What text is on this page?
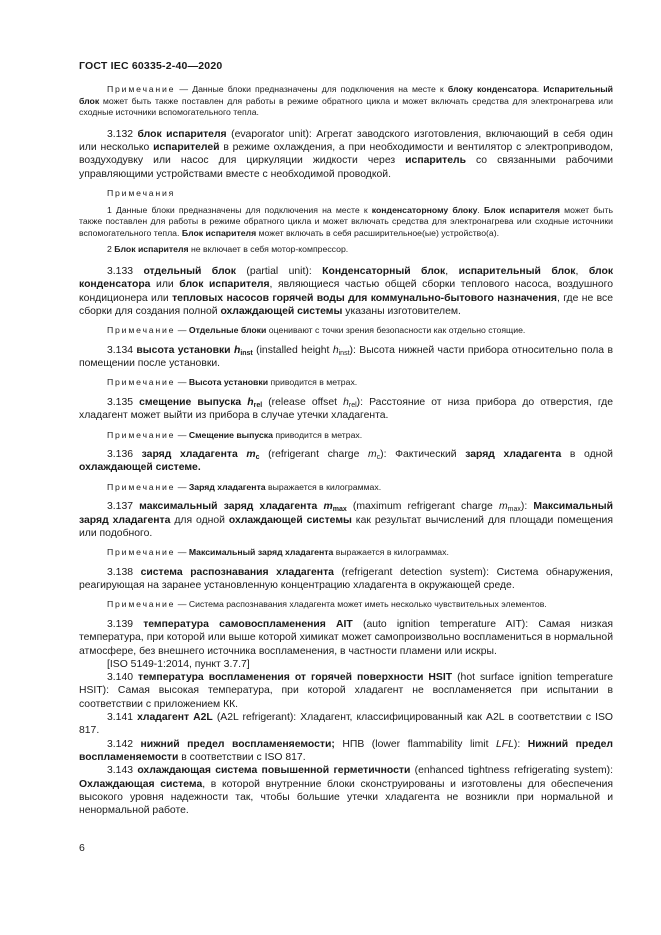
ГОСТ IEC 60335-2-40—2020

Примечание — Данные блоки предназначены для подключения на месте к блоку конденсатора. Испарительный блок может быть также поставлен для работы в режиме обратного цикла и может включать средства для электронагрева или сходные источники вспомогательного тепла.

3.132 блок испарителя (evaporator unit): Агрегат заводского изготовления, включающий в себя один или несколько испарителей в режиме охлаждения, а при необходимости и вентилятор с электроприводом, воздуходувку или насос для циркуляции жидкости через испаритель со связанными рабочими управляющими устройствами вместе с необходимой проводкой.

Примечания

1 Данные блоки предназначены для подключения на месте к конденсаторному блоку. Блок испарителя может быть также поставлен для работы в режиме обратного цикла и может включать средства для электронагрева или сходные источники вспомогательного тепла. Блок испарителя может включать в себя расширительное(ые) устройство(а).

2 Блок испарителя не включает в себя мотор-компрессор.

3.133 отдельный блок (partial unit): Конденсаторный блок, испарительный блок, блок конденсатора или блок испарителя, являющиеся частью общей сборки теплового насоса, воздушного кондиционера или тепловых насосов горячей воды для коммунально-бытового назначения, где не все сборки для создания полной охлаждающей системы указаны изготовителем.

Примечание — Отдельные блоки оценивают с точки зрения безопасности как отдельно стоящие.

3.134 высота установки $h_{inst}$ (installed height $h_{inst}$): Высота нижней части прибора относительно пола в помещении после установки.

Примечание — Высота установки приводится в метрах.

3.135 смещение выпуска $h_{rel}$ (release offset $h_{rel}$): Расстояние от низа прибора до отверстия, где хладагент может выйти из прибора в случае утечки хладагента.

Примечание — Смещение выпуска приводится в метрах.

3.136 заряд хладагента $m_c$ (refrigerant charge $m_c$): Фактический заряд хладагента в одной охлаждающей системе.

Примечание — Заряд хладагента выражается в килограммах.

3.137 максимальный заряд хладагента $m_{max}$ (maximum refrigerant charge $m_{max}$): Максимальный заряд хладагента для одной охлаждающей системы как результат вычислений для площади помещения или подобного.

Примечание — Максимальный заряд хладагента выражается в килограммах.

3.138 система распознавания хладагента (refrigerant detection system): Система обнаружения, реагирующая на заранее установленную концентрацию хладагента в окружающей среде.

Примечание — Система распознавания хладагента может иметь несколько чувствительных элементов.

3.139 температура самовоспламенения AIT (auto ignition temperature AIT): Самая низкая температура, при которой или выше которой химикат может самопроизвольно воспламениться в нормальной атмосфере, без внешнего источника воспламенения, в частности пламени или искры.

[ISO 5149-1:2014, пункт 3.7.7]

3.140 температура воспламенения от горячей поверхности HSIT (hot surface ignition temperature HSIT): Самая высокая температура, при которой хладагент не воспламеняется при испытании в соответствии с приложением КК.

3.141 хладагент A2L (A2L refrigerant): Хладагент, классифицированный как A2L в соответствии с ISO 817.

3.142 нижний предел воспламеняемости; НПВ (lower flammability limit LFL): Нижний предел воспламеняемости в соответствии с ISO 817.

3.143 охлаждающая система повышенной герметичности (enhanced tightness refrigerating system): Охлаждающая система, в которой внутренние блоки сконструированы и изготовлены для обеспечения высокого уровня надежности так, чтобы большие утечки хладагента не возникли при нормальной и ненормальной работе.

6
